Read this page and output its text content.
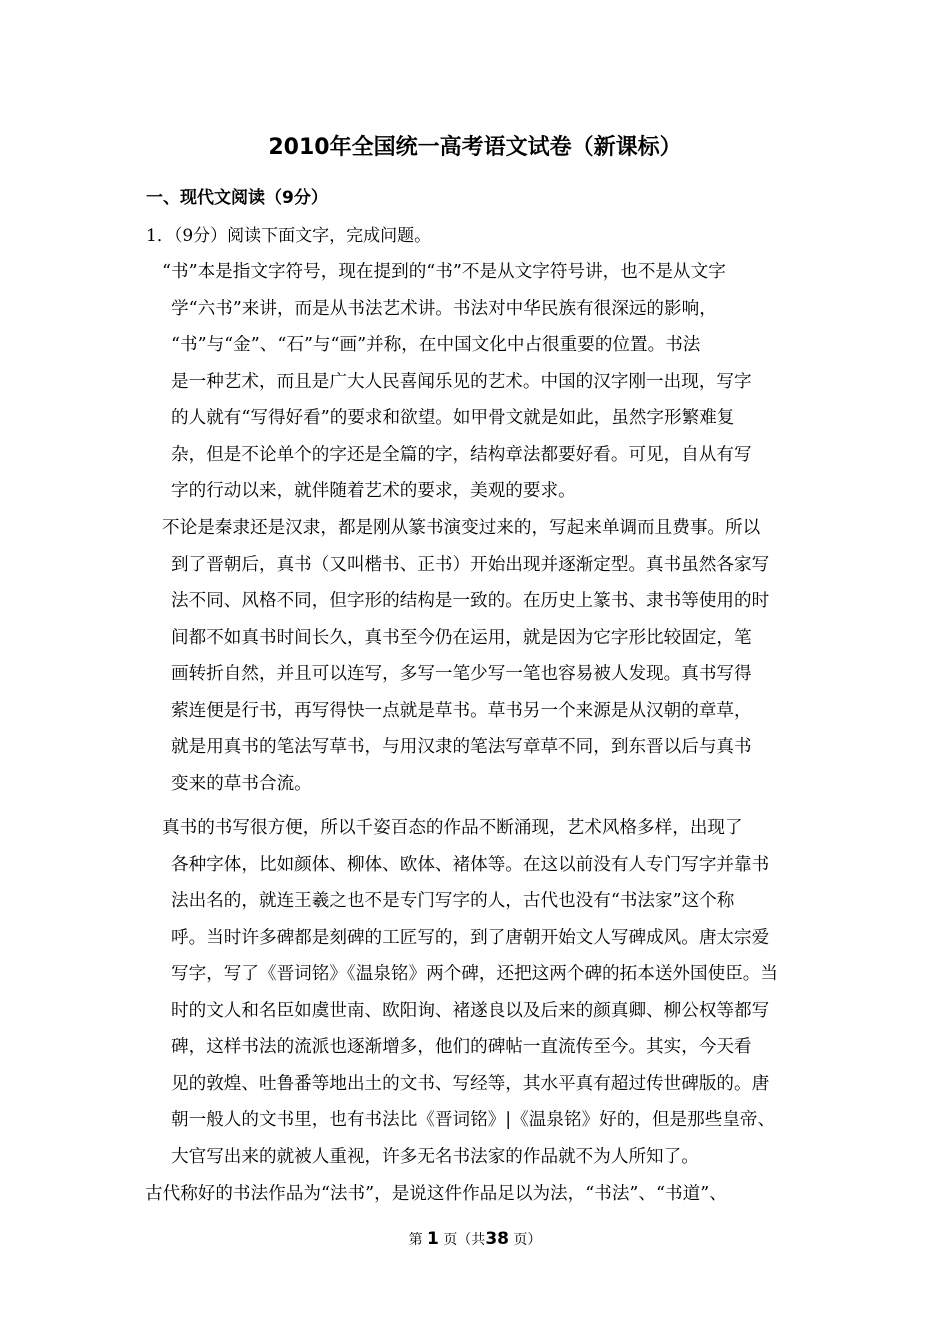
2010年全国统一高考语文试卷（新课标）
一、现代文阅读（9分）

1．（9分）阅读下面文字，完成问题。

“书”本是指文字符号，现在提到的“书”不是从文字符号讲，也不是从文字
学“六书”来讲，而是从书法艺术讲。书法对中华民族有很深远的影响，
“书”与“金”、“石”与“画”并称，在中国文化中占很重要的位置。书法
是一种艺术，而且是广大人民喜闻乐见的艺术。中国的汉字刚一出现，写字
的人就有“写得好看”的要求和欲望。如甲骨文就是如此，虽然字形繁难复
杂，但是不论单个的字还是全篇的字，结构章法都要好看。可见，自从有写
字的行动以来，就伴随着艺术的要求，美观的要求。
不论是秦隶还是汉隶，都是刚从篆书演变过来的，写起来单调而且费事。所以
到了晋朝后，真书（又叫楷书、正书）开始出现并逐渐定型。真书虽然各家写
法不同、风格不同，但字形的结构是一致的。在历史上篆书、隶书等使用的时
间都不如真书时间长久，真书至今仍在运用，就是因为它字形比较固定，笔
画转折自然，并且可以连写，多写一笔少写一笔也容易被人发现。真书写得
萦连便是行书，再写得快一点就是草书。草书另一个来源是从汉朝的章草，
就是用真书的笔法写草书，与用汉隶的笔法写章草不同，到东晋以后与真书
变来的草书合流。
真书的书写很方便，所以千姿百态的作品不断涌现，艺术风格多样，出现了
各种字体，比如颜体、柳体、欧体、褚体等。在这以前没有人专门写字并靠书
法出名的，就连王羲之也不是专门写字的人，古代也没有“书法家”这个称
呼。当时许多碑都是刻碑的工匠写的，到了唐朝开始文人写碑成风。唐太宗爱
写字，写了《晋词铭》《温泉铭》两个碑，还把这两个碑的拓本送外国使臣。当
时的文人和名臣如虞世南、欧阳询、褚遂良以及后来的颜真卿、柳公权等都写
碑，这样书法的流派也逐渐增多，他们的碑帖一直流传至今。其实，今天看
见的敦煌、吐鲁番等地出土的文书、写经等，其水平真有超过传世碑版的。唐
朝一般人的文书里，也有书法比《晋词铭》|《温泉铭》好的，但是那些皇帝、
大官写出来的就被人重视，许多无名书法家的作品就不为人所知了。
古代称好的书法作品为“法书”，是说这件作品足以为法，“书法”、“书道”、

第 1 页（共38 页）
